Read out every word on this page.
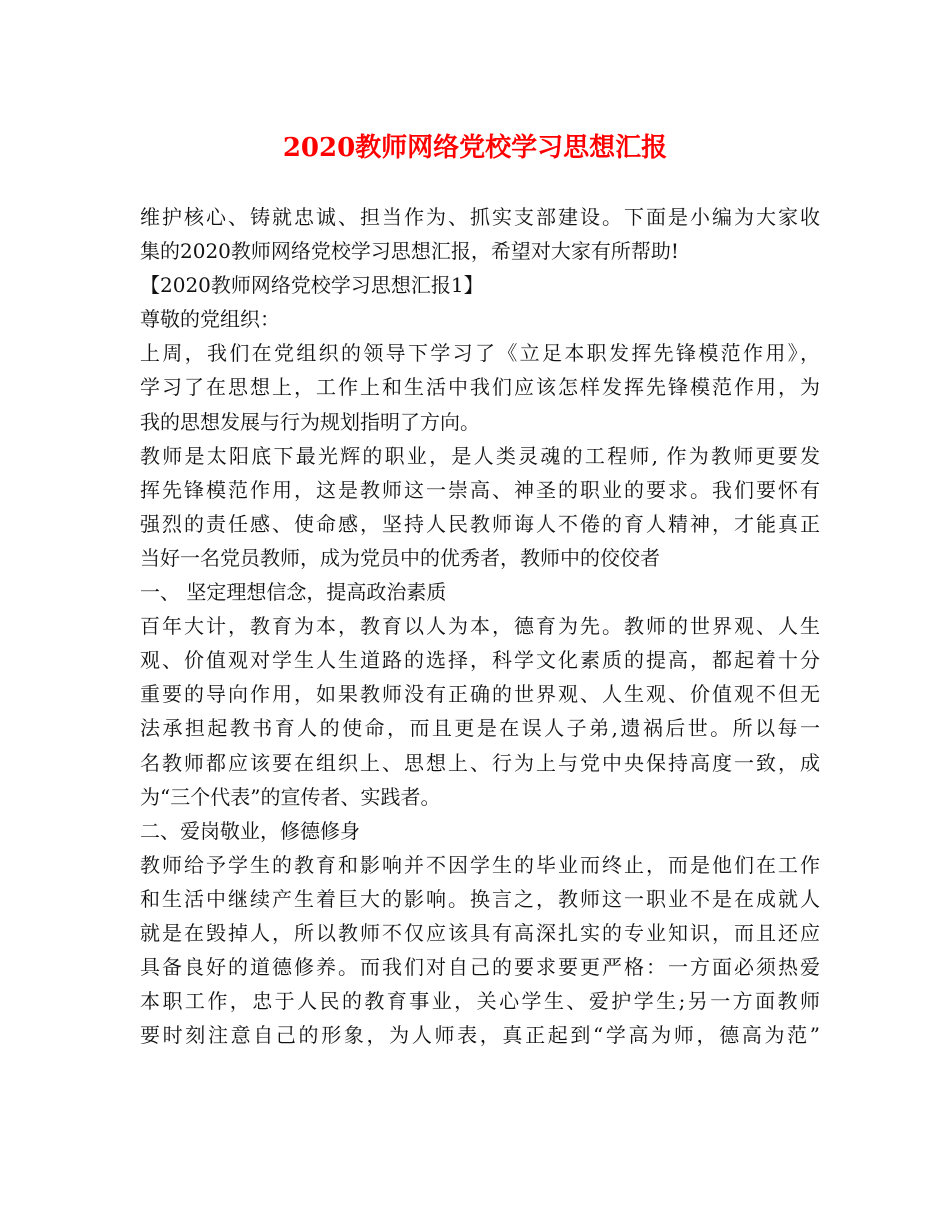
2020教师网络党校学习思想汇报
维护核心、铸就忠诚、担当作为、抓实支部建设。下面是小编为大家收
集的2020教师网络党校学习思想汇报，希望对大家有所帮助!
【2020教师网络党校学习思想汇报1】
尊敬的党组织：
上周，我们在党组织的领导下学习了《立足本职发挥先锋模范作用》，
学习了在思想上，工作上和生活中我们应该怎样发挥先锋模范作用，为
我的思想发展与行为规划指明了方向。
教师是太阳底下最光辉的职业，是人类灵魂的工程师, 作为教师更要发
挥先锋模范作用，这是教师这一崇高、神圣的职业的要求。我们要怀有
强烈的责任感、使命感，坚持人民教师诲人不倦的育人精神，才能真正
当好一名党员教师，成为党员中的优秀者，教师中的佼佼者
一、 坚定理想信念，提高政治素质
百年大计，教育为本，教育以人为本，德育为先。教师的世界观、人生
观、价值观对学生人生道路的选择，科学文化素质的提高，都起着十分
重要的导向作用，如果教师没有正确的世界观、人生观、价值观不但无
法承担起教书育人的使命，而且更是在误人子弟,遗祸后世。所以每一
名教师都应该要在组织上、思想上、行为上与党中央保持高度一致，成
为“三个代表”的宣传者、实践者。
二、爱岗敬业，修德修身
教师给予学生的教育和影响并不因学生的毕业而终止，而是他们在工作
和生活中继续产生着巨大的影响。换言之，教师这一职业不是在成就人
就是在毁掉人，所以教师不仅应该具有高深扎实的专业知识，而且还应
具备良好的道德修养。而我们对自己的要求要更严格：一方面必须热爱
本职工作，忠于人民的教育事业，关心学生、爱护学生;另一方面教师
要时刻注意自己的形象，为人师表，真正起到“学高为师，德高为范”
